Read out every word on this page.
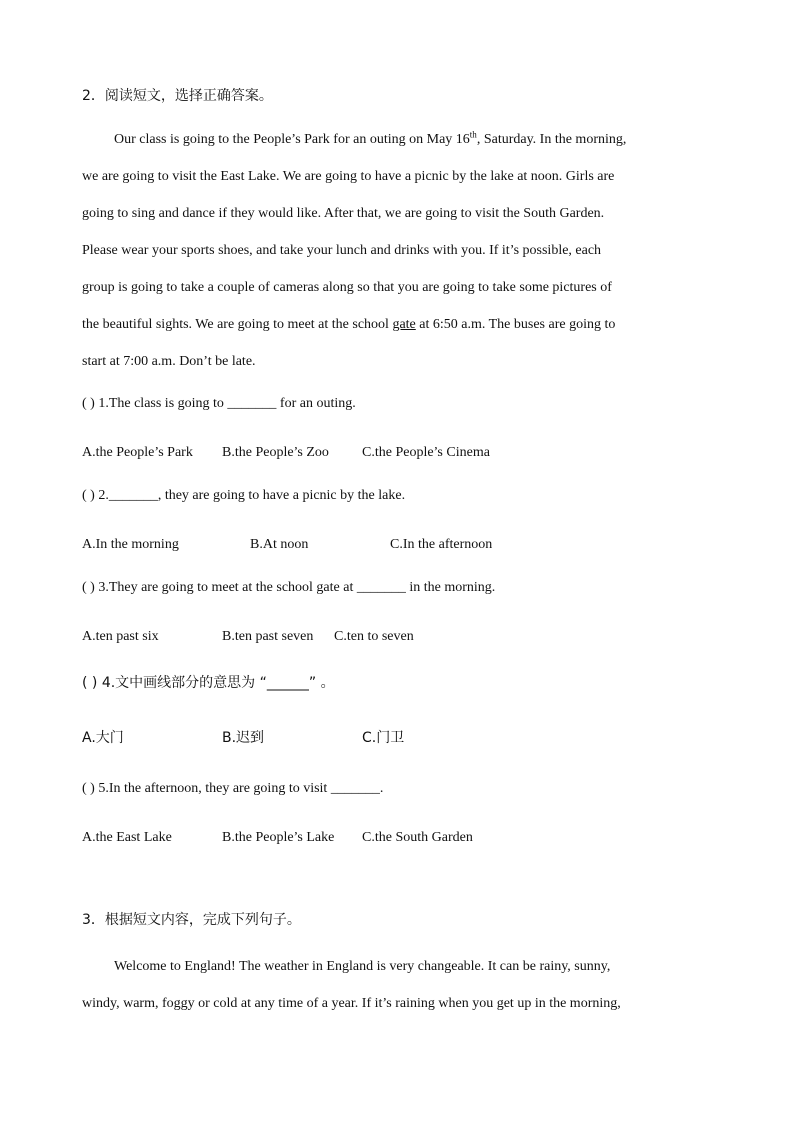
2．阅读短文，选择正确答案。
Our class is going to the People’s Park for an outing on May 16th, Saturday. In the morning,
we are going to visit the East Lake. We are going to have a picnic by the lake at noon. Girls are
going to sing and dance if they would like. After that, we are going to visit the South Garden.
Please wear your sports shoes, and take your lunch and drinks with you. If it’s possible, each
group is going to take a couple of cameras along so that you are going to take some pictures of
the beautiful sights. We are going to meet at the school gate at 6:50 a.m. The buses are going to
start at 7:00 a.m. Don’t be late.
( ) 1.The class is going to _______ for an outing.
A.the People’s Park B.the People’s Zoo C.the People’s Cinema
( ) 2._______, they are going to have a picnic by the lake.
A.In the morning	B.At noon	C.In the afternoon
( ) 3.They are going to meet at the school gate at _______ in the morning.
A.ten past six	B.ten past seven C.ten to seven
( ) 4.文中画线部分的意思为 “______” 。
A.大门	B.迟到	C.门卫
( ) 5.In the afternoon, they are going to visit _______.
A.the East Lake	B.the People’s Lake C.the South Garden
3．根据短文内容，完成下列句子。
Welcome to England! The weather in England is very changeable. It can be rainy, sunny,
windy, warm, foggy or cold at any time of a year. If it’s raining when you get up in the morning,
